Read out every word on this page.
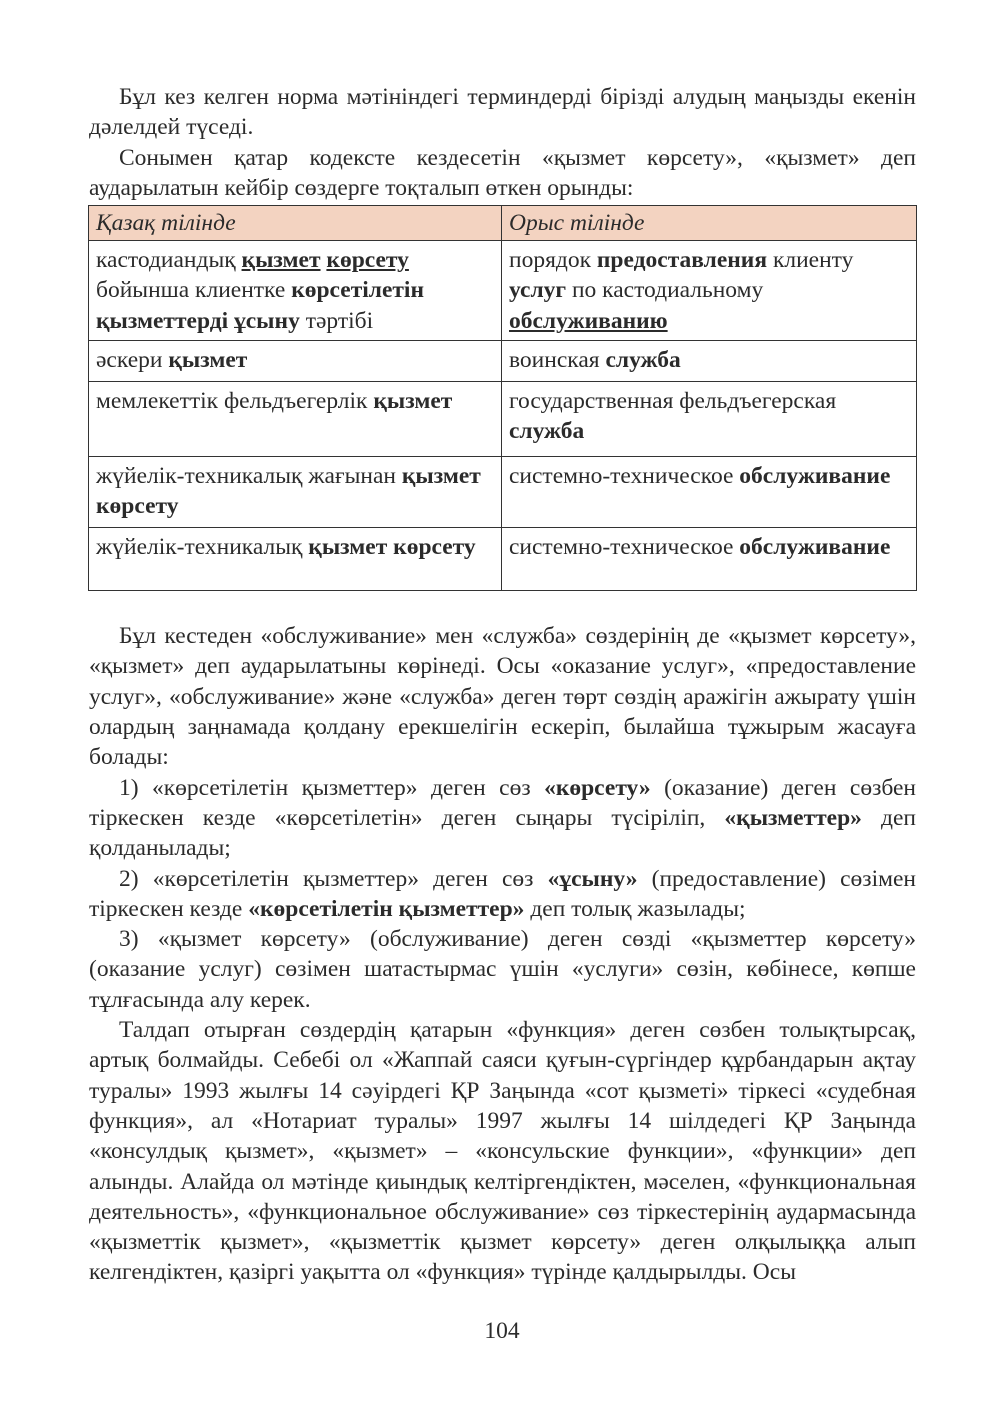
Бұл кез келген норма мәтініндегі терминдерді бірізді алудың маңызды екенін дәлелдей түседі.

Сонымен қатар кодексте кездесетін «қызмет көрсету», «қызмет» деп аударылатын кейбір сөздерге тоқталып өткен орынды:

Қазақ тілінде	Орыс тілінде
кастодиандық қызмет көрсету бойынша клиентке көрсетілетін қызметтерді ұсыну тәртібі	порядок предоставления клиенту услуг по кастодиальному обслуживанию
әскери қызмет	воинская служба
мемлекеттік фельдъегерлік қызмет	государственная фельдъегерская служба
жүйелік-техникалық жағынан қызмет көрсету	системно-техническое обслуживание
жүйелік-техникалық қызмет көрсету	системно-техническое обслуживание

Бұл кестеден «обслуживание» мен «служба» сөздерінің де «қызмет көрсету», «қызмет» деп аударылатыны көрінеді. Осы «оказание услуг», «предоставление услуг», «обслуживание» және «служба» деген төрт сөздің аражігін ажырату үшін олардың заңнамада қолдану ерекшелігін ескеріп, былайша тұжырым жасауға болады:

1) «көрсетілетін қызметтер» деген сөз «көрсету» (оказание) деген сөзбен тіркескен кезде «көрсетілетін» деген сыңары түсіріліп, «қызметтер» деп қолданылады;

2) «көрсетілетін қызметтер» деген сөз «ұсыну» (предоставление) сөзімен тіркескен кезде «көрсетілетін қызметтер» деп толық жазылады;

3) «қызмет көрсету» (обслуживание) деген сөзді «қызметтер көрсету» (оказание услуг) сөзімен шатастырмас үшін «услуги» сөзін, көбінесе, көпше тұлғасында алу керек.

Талдап отырған сөздердің қатарын «функция» деген сөзбен толықтырсақ, артық болмайды. Себебі ол «Жаппай саяси қуғын-сүргіндер құрбандарын ақтау туралы» 1993 жылғы 14 сәуірдегі ҚР Заңында «сот қызметі» тіркесі «судебная функция», ал «Нотариат туралы» 1997 жылғы 14 шілдедегі ҚР Заңында «консулдық қызмет», «қызмет» – «консульские функции», «функции» деп алынды. Алайда ол мәтінде қиындық келтіргендіктен, мәселен, «функциональная деятельность», «функциональное обслуживание» сөз тіркестерінің аудармасында «қызметтік қызмет», «қызметтік қызмет көрсету» деген олқылыққа алып келгендіктен, қазіргі уақытта ол «функция» түрінде қалдырылды. Осы

104
